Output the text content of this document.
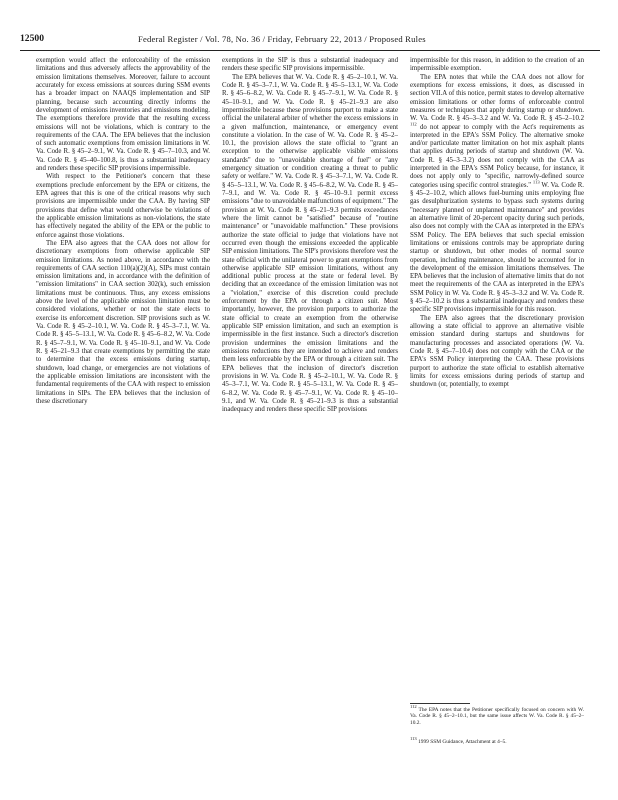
12500	Federal Register / Vol. 78, No. 36 / Friday, February 22, 2013 / Proposed Rules

exemption would affect the enforceability of the emission limitations and thus adversely affects the approvability of the emission limitations themselves. Moreover, failure to account accurately for excess emissions at sources during SSM events has a broader impact on NAAQS implementation and SIP planning, because such accounting directly informs the development of emissions inventories and emissions modeling. The exemptions therefore provide that the resulting excess emissions will not be violations, which is contrary to the requirements of the CAA. The EPA believes that the inclusion of such automatic exemptions from emission limitations in W. Va. Code R. § 45–2–9.1, W. Va. Code R. § 45–7–10.3, and W. Va. Code R. § 45–40–100.8, is thus a substantial inadequacy and renders these specific SIP provisions impermissible.

With respect to the Petitioner's concern that these exemptions preclude enforcement by the EPA or citizens, the EPA agrees that this is one of the critical reasons why such provisions are impermissible under the CAA. By having SIP provisions that define what would otherwise be violations of the applicable emission limitations as non-violations, the state has effectively negated the ability of the EPA or the public to enforce against those violations.

The EPA also agrees that the CAA does not allow for discretionary exemptions from otherwise applicable SIP emission limitations. As noted above, in accordance with the requirements of CAA section 110(a)(2)(A), SIPs must contain emission limitations and, in accordance with the definition of "emission limitations" in CAA section 302(k), such emission limitations must be continuous. Thus, any excess emissions above the level of the applicable emission limitation must be considered violations, whether or not the state elects to exercise its enforcement discretion. SIP provisions such as W. Va. Code R. § 45–2–10.1, W. Va. Code R. § 45–3–7.1, W. Va. Code R. § 45–5–13.1, W. Va. Code R. § 45–6–8.2, W. Va. Code R. § 45–7–9.1, W. Va. Code R. § 45–10–9.1, and W. Va. Code R. § 45–21–9.3 that create exemptions by permitting the state to determine that the excess emissions during startup, shutdown, load change, or emergencies are not violations of the applicable emission limitations are inconsistent with the fundamental requirements of the CAA with respect to emission limitations in SIPs. The EPA believes that the inclusion of these discretionary

exemptions in the SIP is thus a substantial inadequacy and renders these specific SIP provisions impermissible.

The EPA believes that W. Va. Code R. § 45–2–10.1, W. Va. Code R. § 45–3–7.1, W. Va. Code R. § 45–5–13.1, W. Va. Code R. § 45–6–8.2, W. Va. Code R. § 45–7–9.1, W. Va. Code R. § 45–10–9.1, and W. Va. Code R. § 45–21–9.3 are also impermissible because these provisions purport to make a state official the unilateral arbiter of whether the excess emissions in a given malfunction, maintenance, or emergency event constitute a violation. In the case of W. Va. Code R. § 45–2–10.1, the provision allows the state official to "grant an exception to the otherwise applicable visible emissions standards" due to "unavoidable shortage of fuel" or "any emergency situation or condition creating a threat to public safety or welfare." W. Va. Code R. § 45–3–7.1, W. Va. Code R. § 45–5–13.1, W. Va. Code R. § 45–6–8.2, W. Va. Code R. § 45–7–9.1, and W. Va. Code R. § 45–10–9.1 permit excess emissions "due to unavoidable malfunctions of equipment." The provision at W. Va. Code R. § 45–21–9.3 permits exceedances where the limit cannot be "satisfied" because of "routine maintenance" or "unavoidable malfunction." These provisions authorize the state official to judge that violations have not occurred even though the emissions exceeded the applicable SIP emission limitations. The SIP's provisions therefore vest the state official with the unilateral power to grant exemptions from otherwise applicable SIP emission limitations, without any additional public process at the state or federal level. By deciding that an exceedance of the emission limitation was not a "violation," exercise of this discretion could preclude enforcement by the EPA or through a citizen suit. Most importantly, however, the provision purports to authorize the state official to create an exemption from the otherwise applicable SIP emission limitation, and such an exemption is impermissible in the first instance. Such a director's discretion provision undermines the emission limitations and the emissions reductions they are intended to achieve and renders them less enforceable by the EPA or through a citizen suit. The EPA believes that the inclusion of director's discretion provisions in W. Va. Code R. § 45–2–10.1, W. Va. Code R. § 45–3–7.1, W. Va. Code R. § 45–5–13.1, W. Va. Code R. § 45–6–8.2, W. Va. Code R. § 45–7–9.1, W. Va. Code R. § 45–10–9.1, and W. Va. Code R. § 45–21–9.3 is thus a substantial inadequacy and renders these specific SIP provisions

impermissible for this reason, in addition to the creation of an impermissible exemption.

The EPA notes that while the CAA does not allow for exemptions for excess emissions, it does, as discussed in section VII.A of this notice, permit states to develop alternative emission limitations or other forms of enforceable control measures or techniques that apply during startup or shutdown. W. Va. Code R. § 45–3–3.2 and W. Va. Code R. § 45–2–10.2 $^{112}$ do not appear to comply with the Act's requirements as interpreted in the EPA's SSM Policy. The alternative smoke and/or particulate matter limitation on hot mix asphalt plants that applies during periods of startup and shutdown (W. Va. Code R. § 45–3–3.2) does not comply with the CAA as interpreted in the EPA's SSM Policy because, for instance, it does not apply only to "specific, narrowly-defined source categories using specific control strategies." $^{113}$ W. Va. Code R. § 45–2–10.2, which allows fuel-burning units employing flue gas desulphurization systems to bypass such systems during "necessary planned or unplanned maintenance" and provides an alternative limit of 20-percent opacity during such periods, also does not comply with the CAA as interpreted in the EPA's SSM Policy. The EPA believes that such special emission limitations or emissions controls may be appropriate during startup or shutdown, but other modes of normal source operation, including maintenance, should be accounted for in the development of the emission limitations themselves. The EPA believes that the inclusion of alternative limits that do not meet the requirements of the CAA as interpreted in the EPA's SSM Policy in W. Va. Code R. § 45–3–3.2 and W. Va. Code R. § 45–2–10.2 is thus a substantial inadequacy and renders these specific SIP provisions impermissible for this reason.

The EPA also agrees that the discretionary provision allowing a state official to approve an alternative visible emission standard during startups and shutdowns for manufacturing processes and associated operations (W. Va. Code R. § 45–7–10.4) does not comply with the CAA or the EPA's SSM Policy interpreting the CAA. These provisions purport to authorize the state official to establish alternative limits for excess emissions during periods of startup and shutdown (or, potentially, to exempt

$^{112}$ The EPA notes that the Petitioner specifically focused on concern with W. Va. Code R. § 45–2–10.1, but the same issue affects W. Va. Code R. § 45–2–10.2.
$^{113}$ 1999 SSM Guidance, Attachment at 4–5.
